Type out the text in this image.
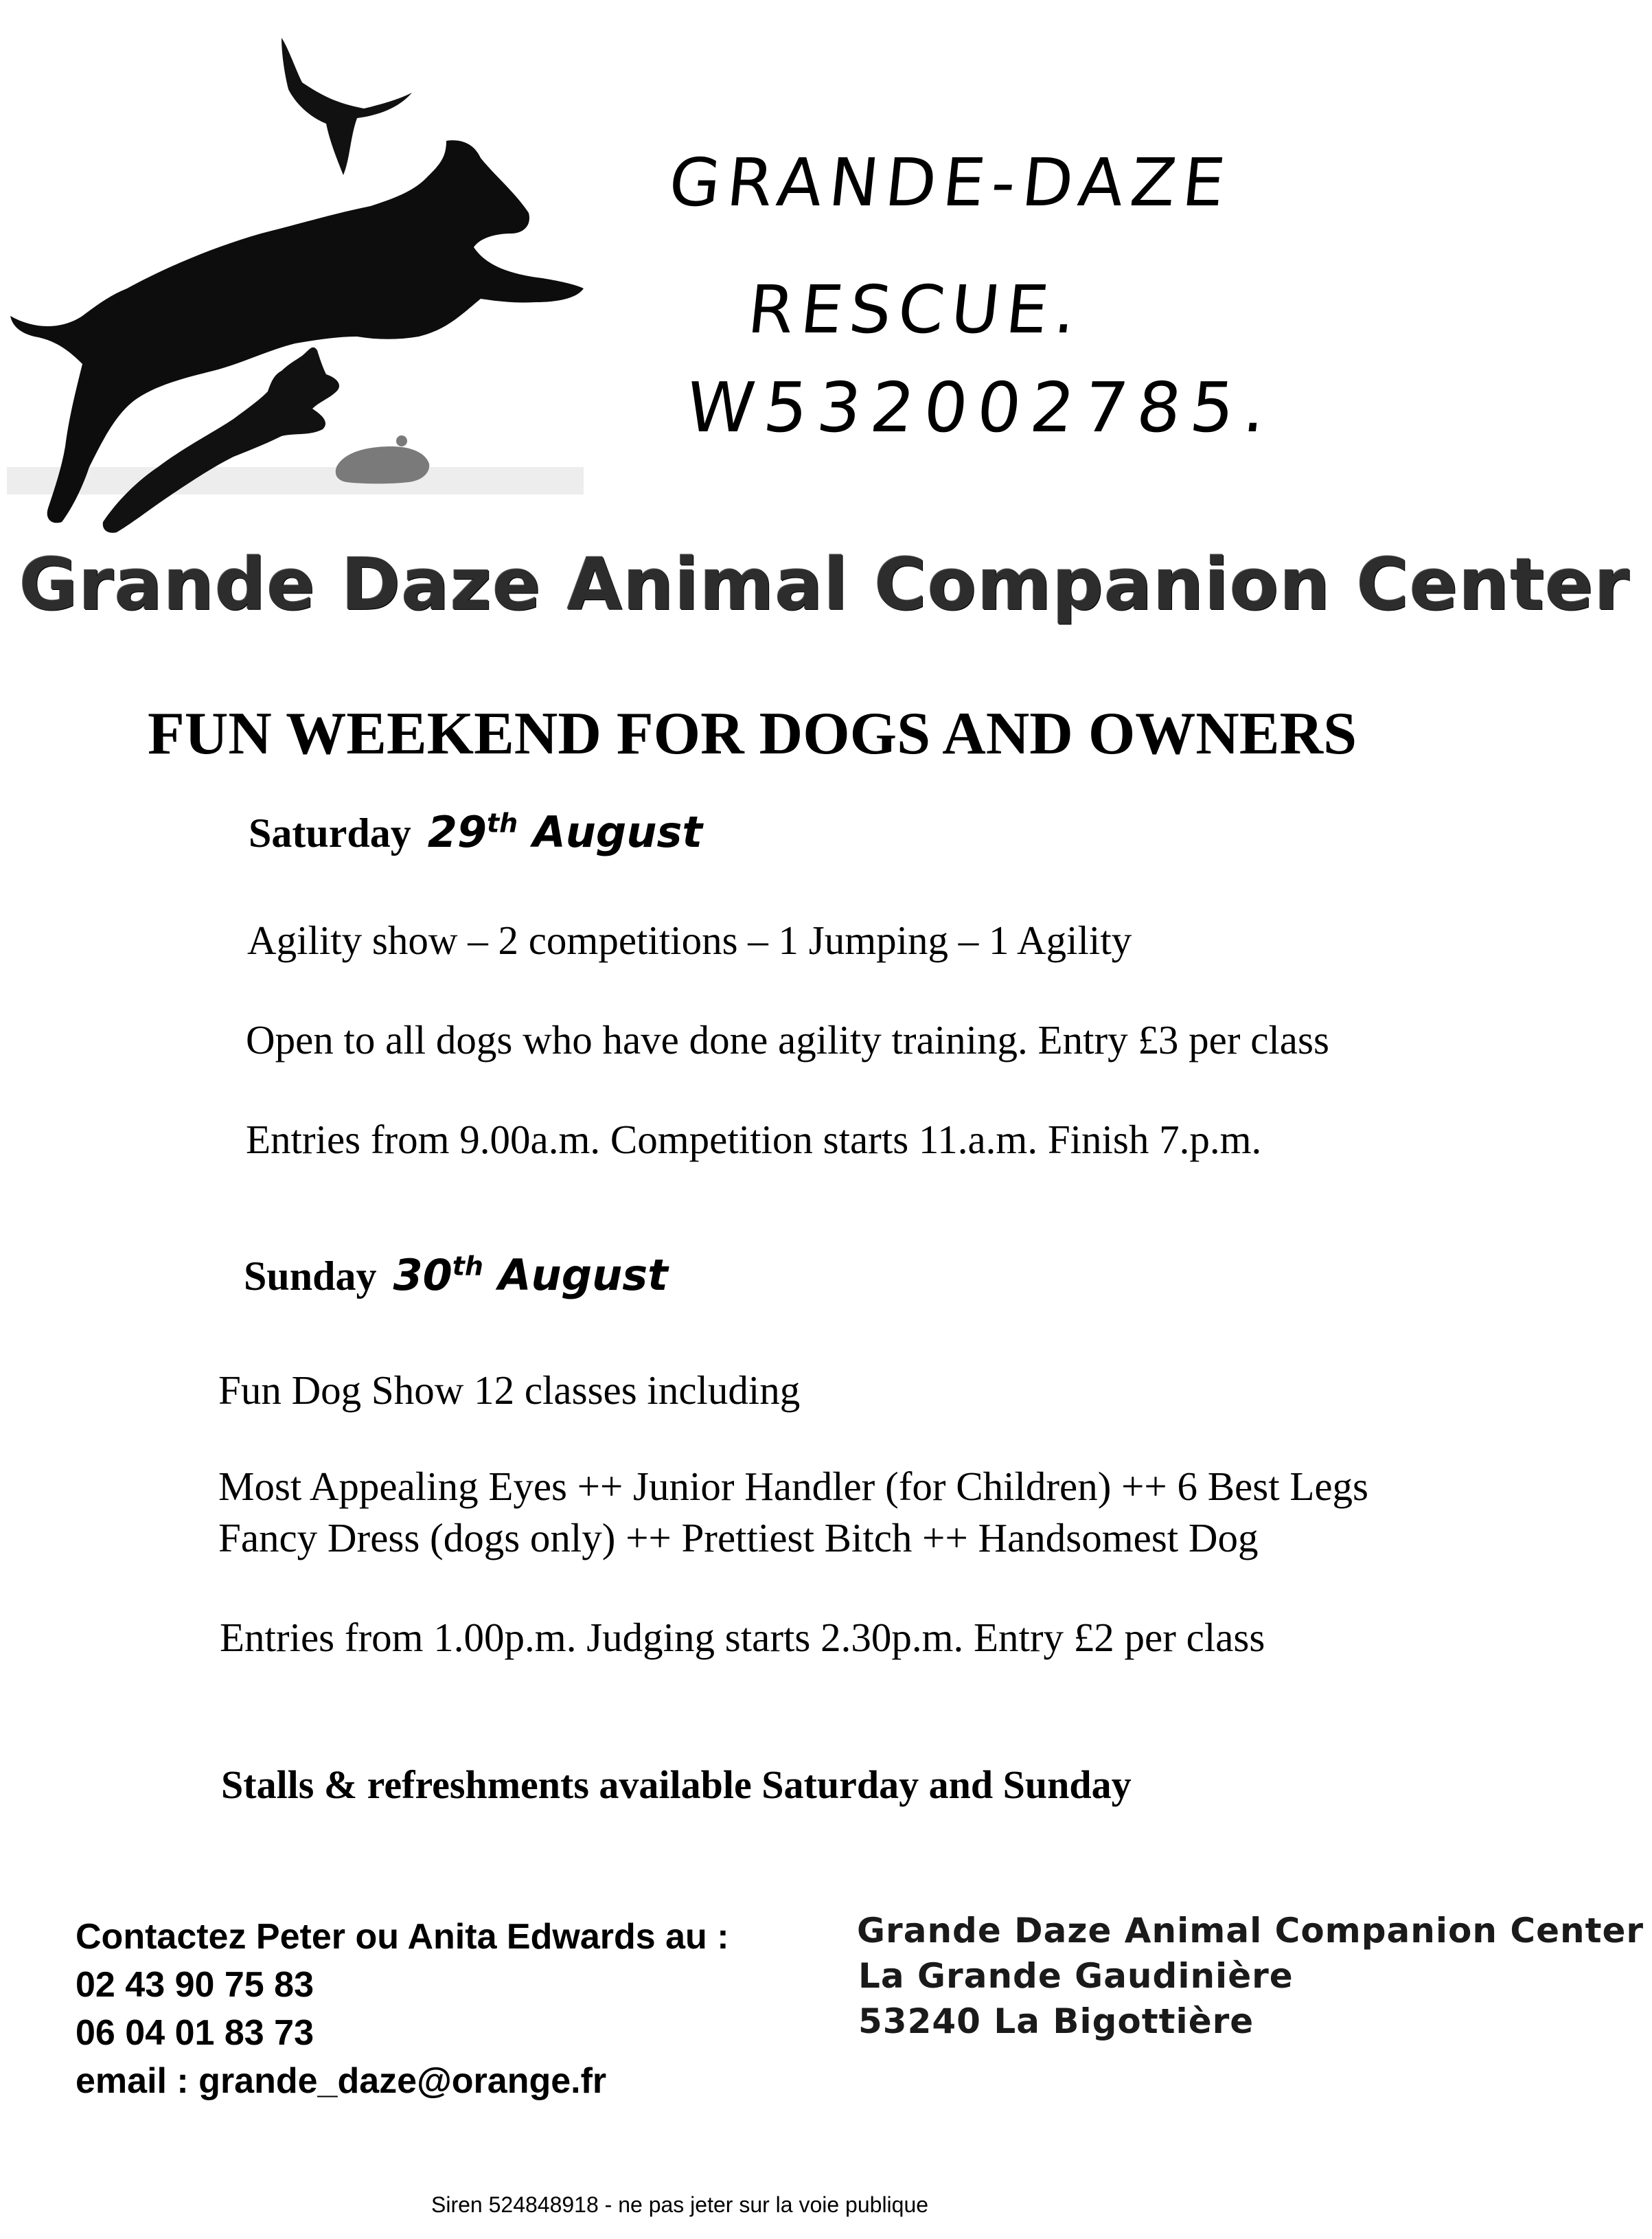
GRANDE-DAZE
RESCUE.
W532002785.
Grande Daze Animal Companion Center
FUN WEEKEND FOR DOGS AND OWNERS
Saturday 29th August
Agility show – 2 competitions – 1 Jumping – 1 Agility
Open to all dogs who have done agility training. Entry £3 per class
Entries from 9.00a.m. Competition starts 11.a.m. Finish 7.p.m.
Sunday 30th August
Fun Dog Show 12 classes including
Most Appealing Eyes ++ Junior Handler (for Children) ++ 6 Best Legs
Fancy Dress (dogs only) ++ Prettiest Bitch ++ Handsomest Dog
Entries from 1.00p.m. Judging starts 2.30p.m. Entry £2 per class
Stalls & refreshments available Saturday and Sunday
Contactez Peter ou Anita Edwards au :
02 43 90 75 83
06 04 01 83 73
email : grande_daze@orange.fr
Grande Daze Animal Companion Center
La Grande Gaudinière
53240 La Bigottière
Siren 524848918 - ne pas jeter sur la voie publique
